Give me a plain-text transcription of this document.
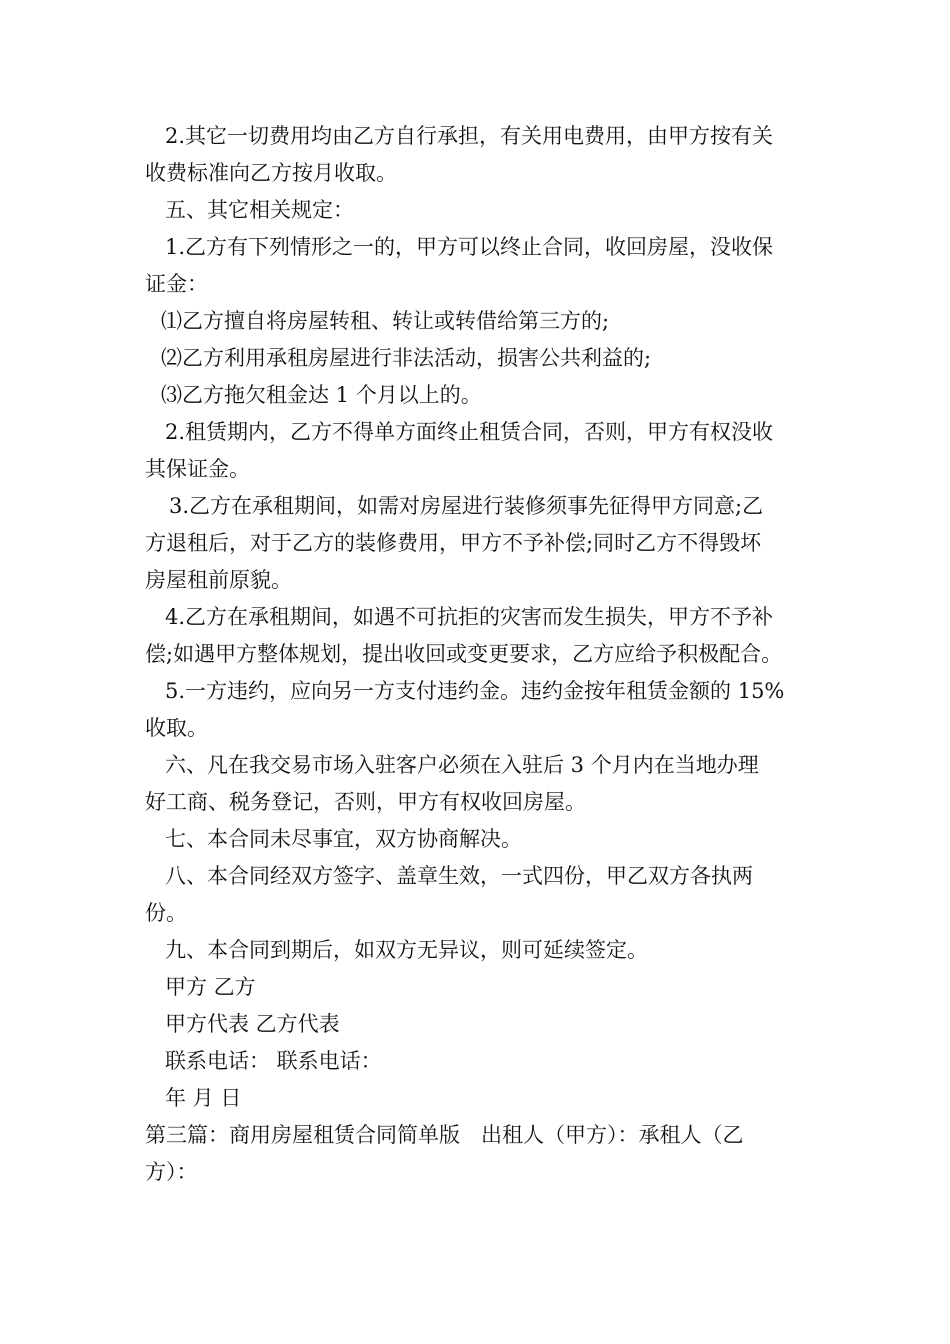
2.其它一切费用均由乙方自行承担，有关用电费用，由甲方按有关

收费标准向乙方按月收取。

五、其它相关规定：

1.乙方有下列情形之一的，甲方可以终止合同，收回房屋，没收保

证金：

⑴乙方擅自将房屋转租、转让或转借给第三方的;

⑵乙方利用承租房屋进行非法活动，损害公共利益的;

⑶乙方拖欠租金达 1 个月以上的。

2.租赁期内，乙方不得单方面终止租赁合同，否则，甲方有权没收

其保证金。

3.乙方在承租期间，如需对房屋进行装修须事先征得甲方同意;乙

方退租后，对于乙方的装修费用，甲方不予补偿;同时乙方不得毁坏

房屋租前原貌。

4.乙方在承租期间，如遇不可抗拒的灾害而发生损失，甲方不予补

偿;如遇甲方整体规划，提出收回或变更要求，乙方应给予积极配合。

5.一方违约，应向另一方支付违约金。违约金按年租赁金额的 15%

收取。

六、凡在我交易市场入驻客户必须在入驻后 3 个月内在当地办理

好工商、税务登记，否则，甲方有权收回房屋。

七、本合同未尽事宜，双方协商解决。

八、本合同经双方签字、盖章生效，一式四份，甲乙双方各执两

份。

九、本合同到期后，如双方无异议，则可延续签定。

甲方 乙方

甲方代表 乙方代表

联系电话： 联系电话：

年 月 日

第三篇：商用房屋租赁合同简单版　出租人（甲方）：承租人（乙

方）：
